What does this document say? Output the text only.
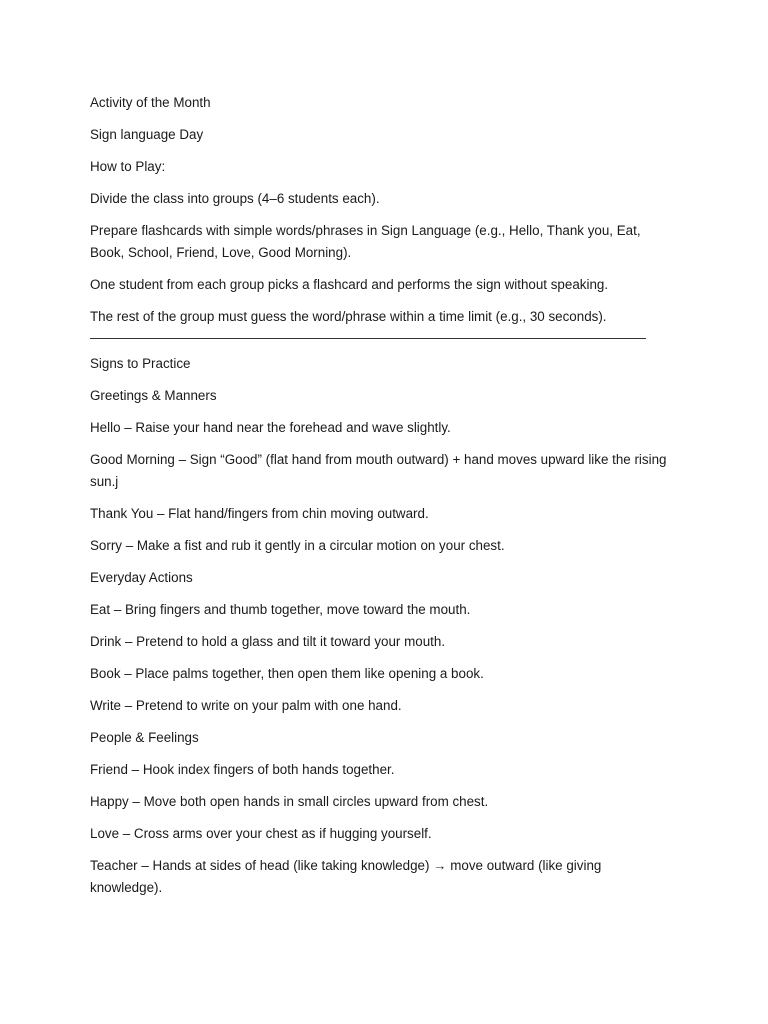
Activity of the Month

Sign language Day

How to Play:

Divide the class into groups (4–6 students each).

Prepare flashcards with simple words/phrases in Sign Language (e.g., Hello, Thank you, Eat, Book, School, Friend, Love, Good Morning).

One student from each group picks a flashcard and performs the sign without speaking.

The rest of the group must guess the word/phrase within a time limit (e.g., 30 seconds).

Signs to Practice

Greetings & Manners

Hello – Raise your hand near the forehead and wave slightly.

Good Morning – Sign “Good” (flat hand from mouth outward) + hand moves upward like the rising sun.j

Thank You – Flat hand/fingers from chin moving outward.

Sorry – Make a fist and rub it gently in a circular motion on your chest.

Everyday Actions

Eat – Bring fingers and thumb together, move toward the mouth.

Drink – Pretend to hold a glass and tilt it toward your mouth.

Book – Place palms together, then open them like opening a book.

Write – Pretend to write on your palm with one hand.

People & Feelings

Friend – Hook index fingers of both hands together.

Happy – Move both open hands in small circles upward from chest.

Love – Cross arms over your chest as if hugging yourself.

Teacher – Hands at sides of head (like taking knowledge) → move outward (like giving knowledge).
